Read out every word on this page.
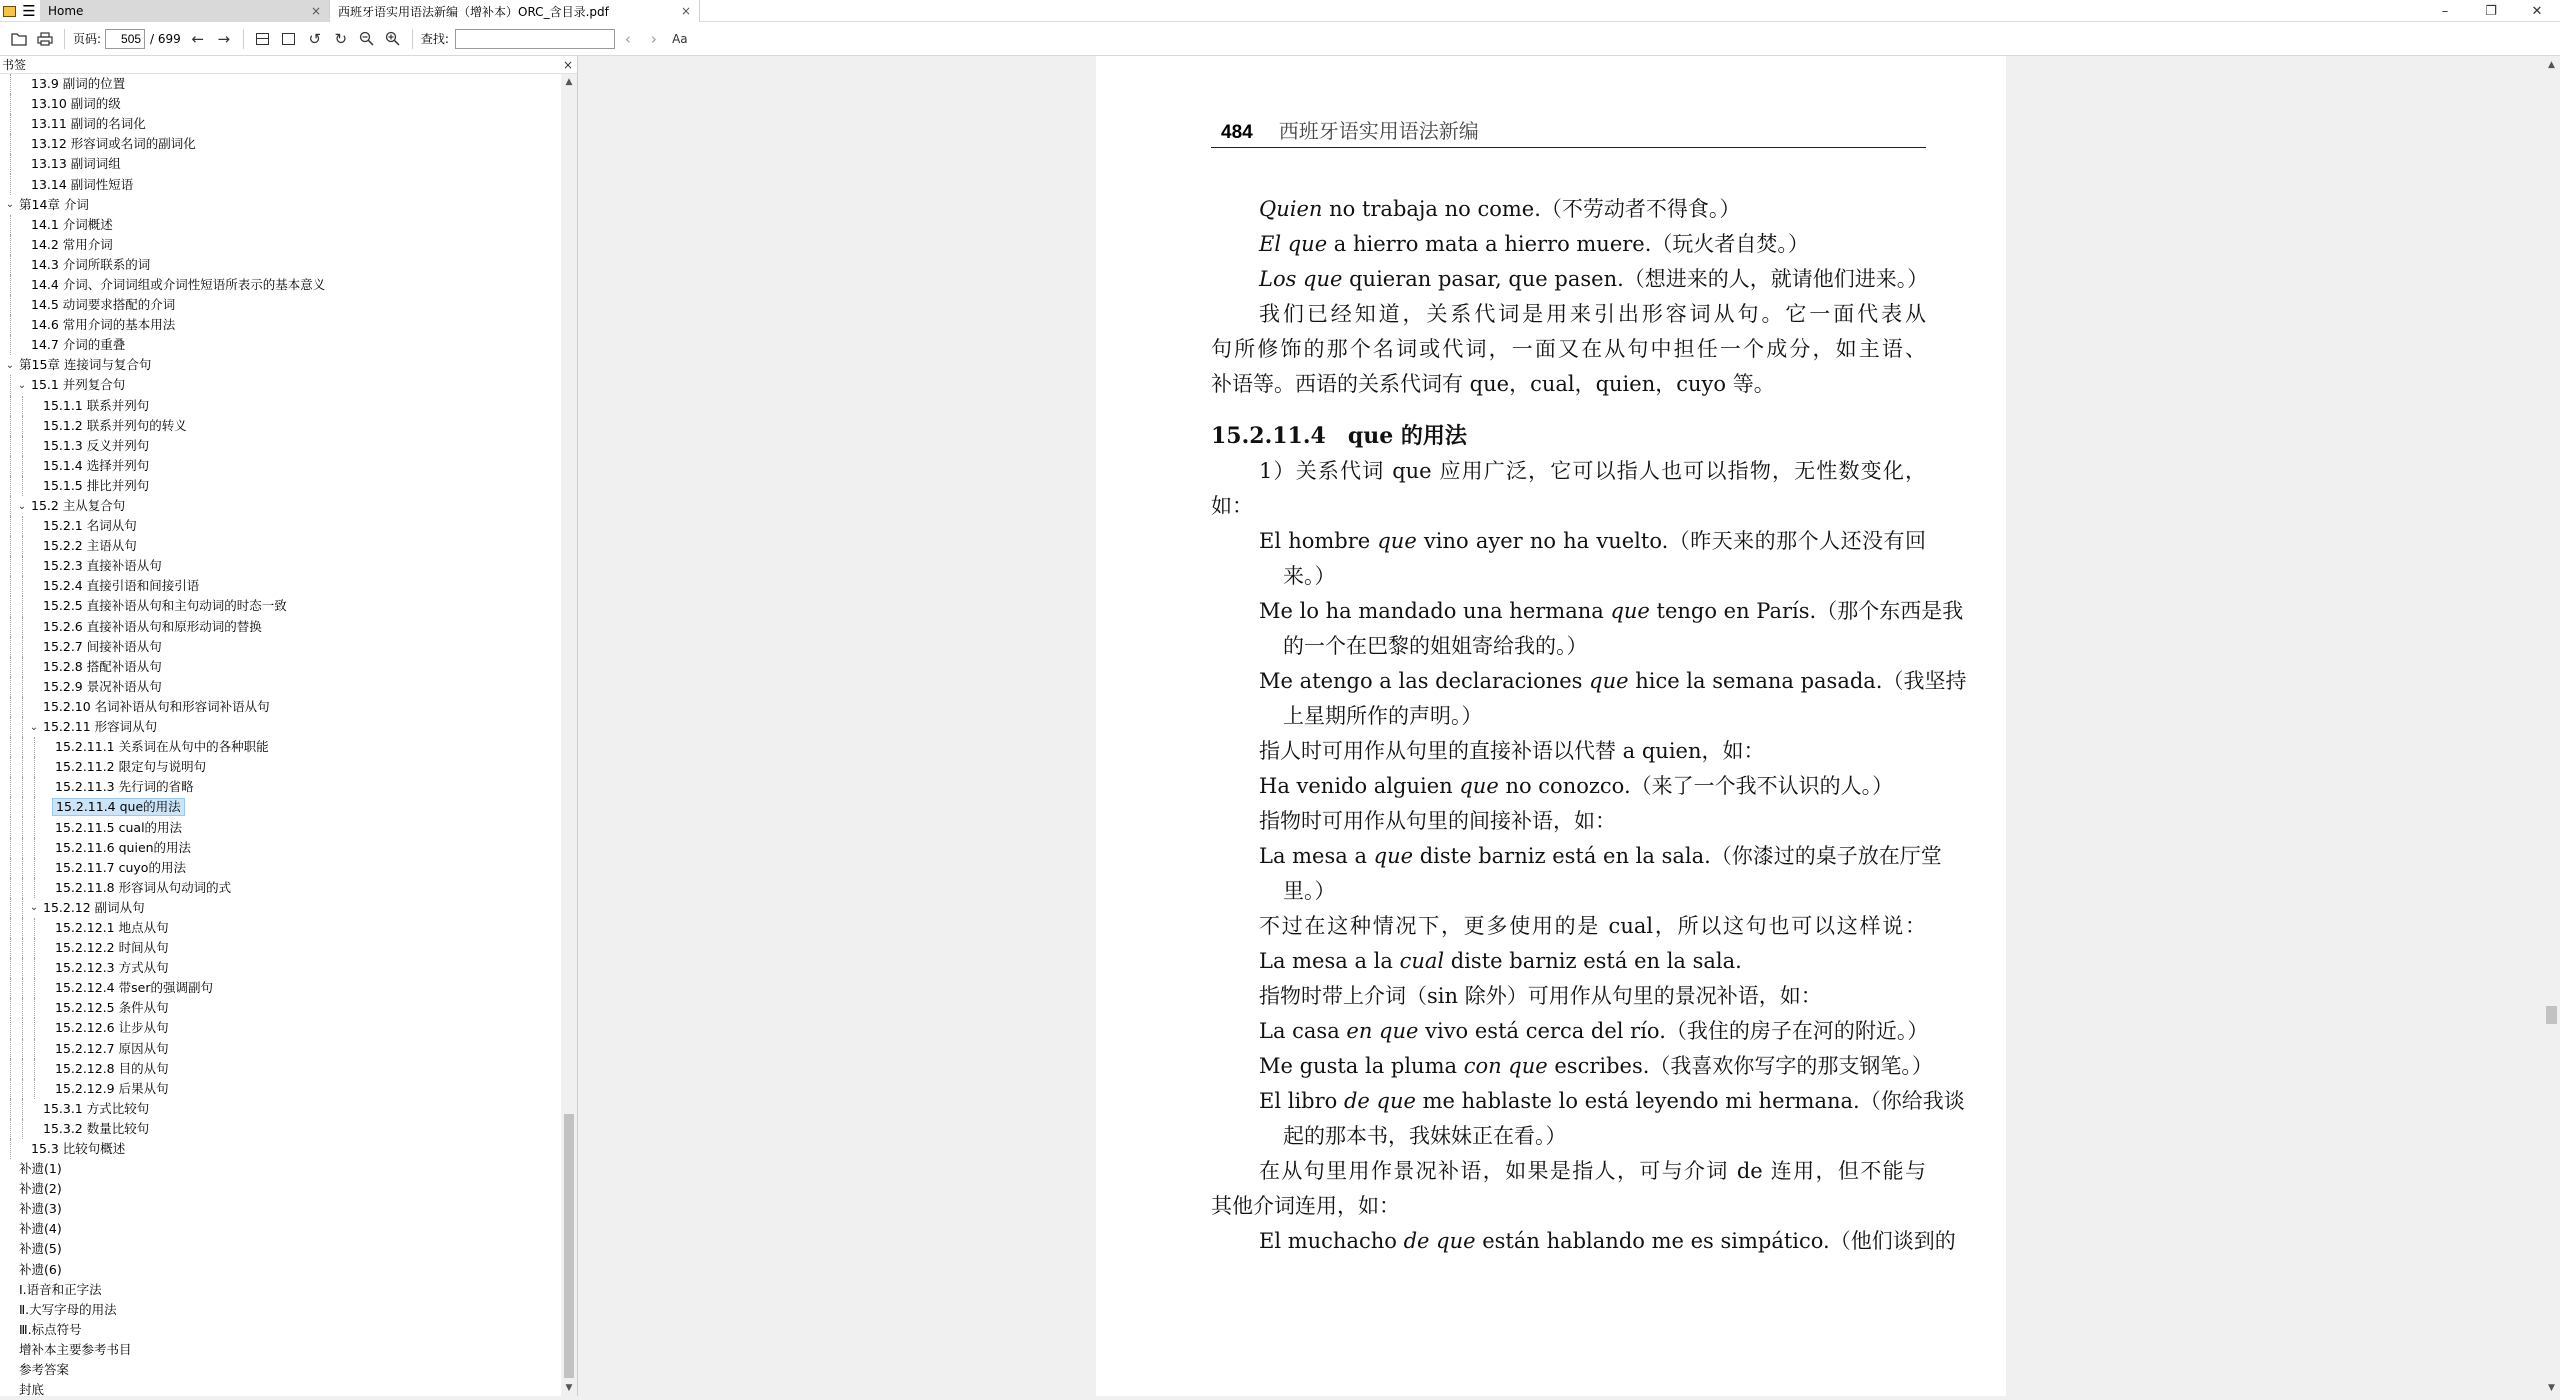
☰	Home	× 西班牙语实用语法新编（增补本）ORC_含目录.pdf	×	–	❐	✕
页码:
505	/ 699 ← →	↺ ↻	查找:	‹	›	Aa
书签	×
13.9 副词的位置
13.10 副词的级
13.11 副词的名词化
13.12 形容词或名词的副词化
13.13 副词词组
13.14 副词性短语
⌄ 第14章 介词
14.1 介词概述
14.2 常用介词
14.3 介词所联系的词
14.4 介词、介词词组或介词性短语所表示的基本意义
14.5 动词要求搭配的介词
14.6 常用介词的基本用法
14.7 介词的重叠
⌄ 第15章 连接词与复合句
⌄ 15.1 并列复合句
15.1.1 联系并列句
15.1.2 联系并列句的转义
15.1.3 反义并列句
15.1.4 选择并列句
15.1.5 排比并列句
⌄ 15.2 主从复合句
15.2.1 名词从句
15.2.2 主语从句
15.2.3 直接补语从句
15.2.4 直接引语和间接引语
15.2.5 直接补语从句和主句动词的时态一致
15.2.6 直接补语从句和原形动词的替换
15.2.7 间接补语从句
15.2.8 搭配补语从句
15.2.9 景况补语从句
15.2.10 名词补语从句和形容词补语从句
⌄ 15.2.11 形容词从句
15.2.11.1 关系词在从句中的各种职能
15.2.11.2 限定句与说明句
15.2.11.3 先行词的省略
15.2.11.4 que的用法
15.2.11.5 cual的用法
15.2.11.6 quien的用法
15.2.11.7 cuyo的用法
15.2.11.8 形容词从句动词的式
⌄ 15.2.12 副词从句
15.2.12.1 地点从句
15.2.12.2 时间从句
15.2.12.3 方式从句
15.2.12.4 带ser的强调副句
15.2.12.5 条件从句
15.2.12.6 让步从句
15.2.12.7 原因从句
15.2.12.8 目的从句
15.2.12.9 后果从句
15.3.1 方式比较句
15.3.2 数量比较句
15.3 比较句概述
补遗(1)
补遗(2)
补遗(3)
补遗(4)
补遗(5)
补遗(6)
Ⅰ.语音和正字法
Ⅱ.大写字母的用法
Ⅲ.标点符号
增补本主要参考书目
参考答案
封底
▲
▼
484 西班牙语实用语法新编
Quien no trabaja no come.（不劳动者不得食。）
El que a hierro mata a hierro muere.（玩火者自焚。）
Los que quieran pasar, que pasen.（想进来的人，就请他们进来。）
我们已经知道，关系代词是用来引出形容词从句。它一面代表从
句所修饰的那个名词或代词，一面又在从句中担任一个成分，如主语、
补语等。西语的关系代词有 que，cual，quien，cuyo 等。
15.2.11.4　que 的用法
1）关系代词 que 应用广泛，它可以指人也可以指物，无性数变化，
如：
El hombre que vino ayer no ha vuelto.（昨天来的那个人还没有回
来。）
Me lo ha mandado una hermana que tengo en París.（那个东西是我
的一个在巴黎的姐姐寄给我的。）
Me atengo a las declaraciones que hice la semana pasada.（我坚持
上星期所作的声明。）
指人时可用作从句里的直接补语以代替 a quien，如：
Ha venido alguien que no conozco.（来了一个我不认识的人。）
指物时可用作从句里的间接补语，如：
La mesa a que diste barniz está en la sala.（你漆过的桌子放在厅堂
里。）
不过在这种情况下，更多使用的是 cual，所以这句也可以这样说：
La mesa a la cual diste barniz está en la sala.
指物时带上介词（sin 除外）可用作从句里的景况补语，如：
La casa en que vivo está cerca del río.（我住的房子在河的附近。）
Me gusta la pluma con que escribes.（我喜欢你写字的那支钢笔。）
El libro de que me hablaste lo está leyendo mi hermana.（你给我谈
起的那本书，我妹妹正在看。）
在从句里用作景况补语，如果是指人，可与介词 de 连用，但不能与
其他介词连用，如：
El muchacho de que están hablando me es simpático.（他们谈到的
▲
▼
